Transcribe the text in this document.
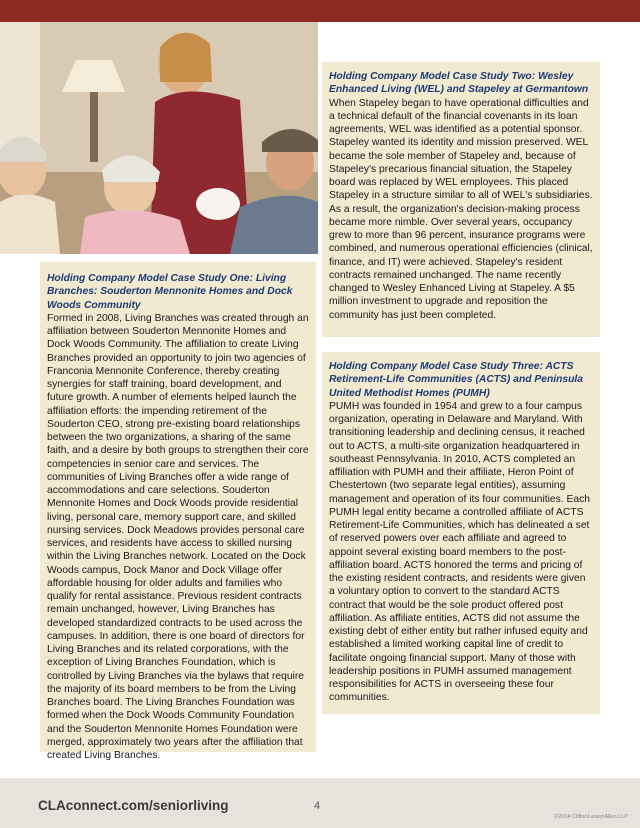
Holding Company Model Case Study One: Living Branches: Souderton Mennonite Homes and Dock Woods Community

Formed in 2008, Living Branches was created through an affiliation between Souderton Mennonite Homes and Dock Woods Community. The affiliation to create Living Branches provided an opportunity to join two agencies of Franconia Mennonite Conference, thereby creating synergies for staff training, board development, and future growth. A number of elements helped launch the affiliation efforts: the impending retirement of the Souderton CEO, strong pre-existing board relationships between the two organizations, a sharing of the same faith, and a desire by both groups to strengthen their core competencies in senior care and services. The communities of Living Branches offer a wide range of accommodations and care selections. Souderton Mennonite Homes and Dock Woods provide residential living, personal care, memory support care, and skilled nursing services. Dock Meadows provides personal care services, and residents have access to skilled nursing within the Living Branches network. Located on the Dock Woods campus, Dock Manor and Dock Village offer affordable housing for older adults and families who qualify for rental assistance. Previous resident contracts remain unchanged, however, Living Branches has developed standardized contracts to be used across the campuses. In addition, there is one board of directors for Living Branches and its related corporations, with the exception of Living Branches Foundation, which is controlled by Living Branches via the bylaws that require the majority of its board members to be from the Living Branches board. The Living Branches Foundation was formed when the Dock Woods Community Foundation and the Souderton Mennonite Homes Foundation were merged, approximately two years after the affiliation that created Living Branches.

Holding Company Model Case Study Two: Wesley Enhanced Living (WEL) and Stapeley at Germantown

When Stapeley began to have operational difficulties and a technical default of the financial covenants in its loan agreements, WEL was identified as a potential sponsor. Stapeley wanted its identity and mission preserved. WEL became the sole member of Stapeley and, because of Stapeley's precarious financial situation, the Stapeley board was replaced by WEL employees. This placed Stapeley in a structure similar to all of WEL's subsidiaries. As a result, the organization's decision-making process became more nimble. Over several years, occupancy grew to more than 96 percent, insurance programs were combined, and numerous operational efficiencies (clinical, finance, and IT) were achieved. Stapeley's resident contracts remained unchanged. The name recently changed to Wesley Enhanced Living at Stapeley. A $5 million investment to upgrade and reposition the community has just been completed.

Holding Company Model Case Study Three: ACTS Retirement-Life Communities (ACTS) and Peninsula United Methodist Homes (PUMH)

PUMH was founded in 1954 and grew to a four campus organization, operating in Delaware and Maryland. With transitioning leadership and declining census, it reached out to ACTS, a multi-site organization headquartered in southeast Pennsylvania. In 2010, ACTS completed an affiliation with PUMH and their affiliate, Heron Point of Chestertown (two separate legal entities), assuming management and operation of its four communities. Each PUMH legal entity became a controlled affiliate of ACTS Retirement-Life Communities, which has delineated a set of reserved powers over each affiliate and agreed to appoint several existing board members to the post-affiliation board. ACTS honored the terms and pricing of the existing resident contracts, and residents were given a voluntary option to convert to the standard ACTS contract that would be the sole product offered post affiliation. As affiliate entities, ACTS did not assume the existing debt of either entity but rather infused equity and established a limited working capital line of credit to facilitate ongoing financial support. Many of those with leadership positions in PUMH assumed management responsibilities for ACTS in overseeing these four communities.

CLAconnect.com/seniorliving	4
©2014 CliftonLarsonAllen LLP
